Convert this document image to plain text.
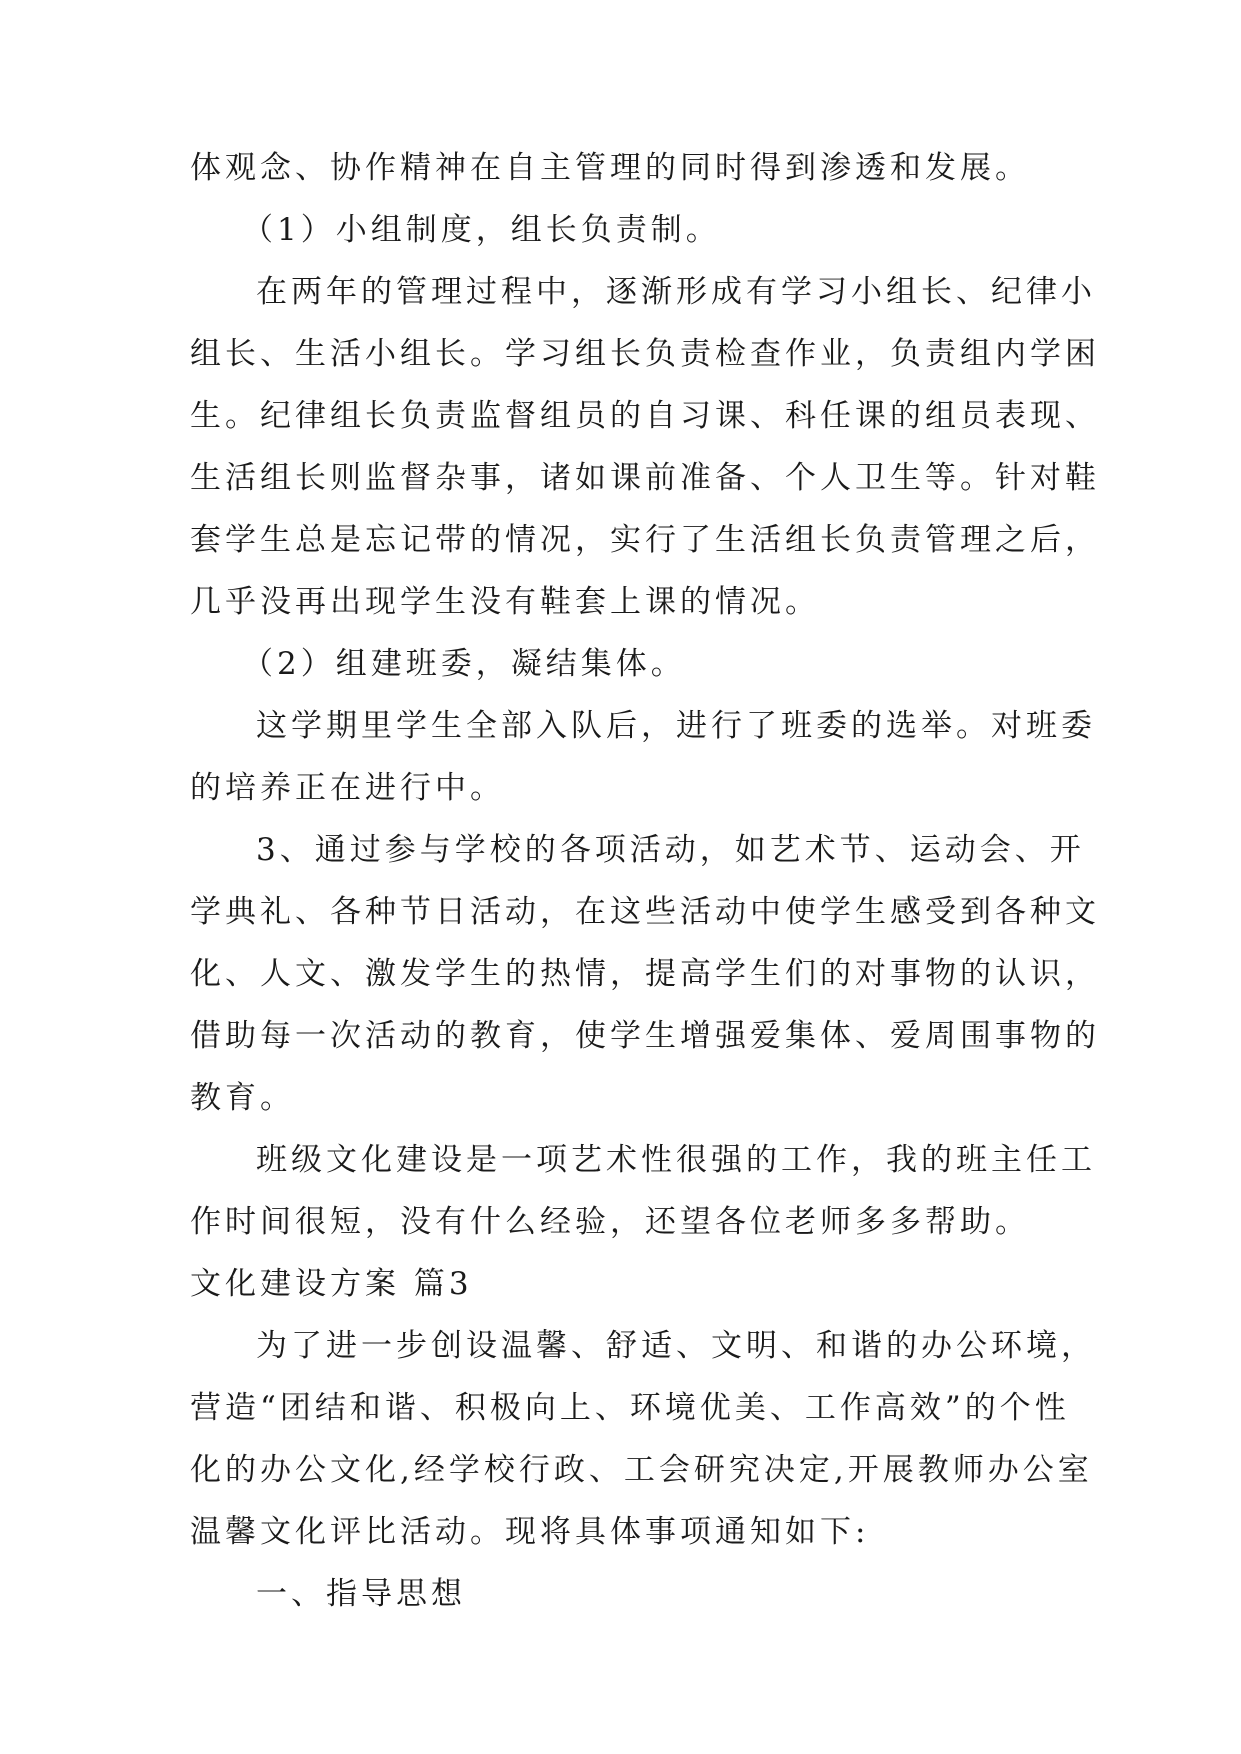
体观念、协作精神在自主管理的同时得到渗透和发展。

（1）小组制度，组长负责制。

在两年的管理过程中，逐渐形成有学习小组长、纪律小

组长、生活小组长。学习组长负责检查作业，负责组内学困

生。纪律组长负责监督组员的自习课、科任课的组员表现、

生活组长则监督杂事，诸如课前准备、个人卫生等。针对鞋

套学生总是忘记带的情况，实行了生活组长负责管理之后，

几乎没再出现学生没有鞋套上课的情况。

（2）组建班委，凝结集体。

这学期里学生全部入队后，进行了班委的选举。对班委

的培养正在进行中。

3、通过参与学校的各项活动，如艺术节、运动会、开

学典礼、各种节日活动，在这些活动中使学生感受到各种文

化、人文、激发学生的热情，提高学生们的对事物的认识，

借助每一次活动的教育，使学生增强爱集体、爱周围事物的

教育。

班级文化建设是一项艺术性很强的工作，我的班主任工

作时间很短，没有什么经验，还望各位老师多多帮助。

文化建设方案 篇3

为了进一步创设温馨、舒适、文明、和谐的办公环境，

营造“团结和谐、积极向上、环境优美、工作高效”的个性

化的办公文化,经学校行政、工会研究决定,开展教师办公室

温馨文化评比活动。现将具体事项通知如下:

一、指导思想
